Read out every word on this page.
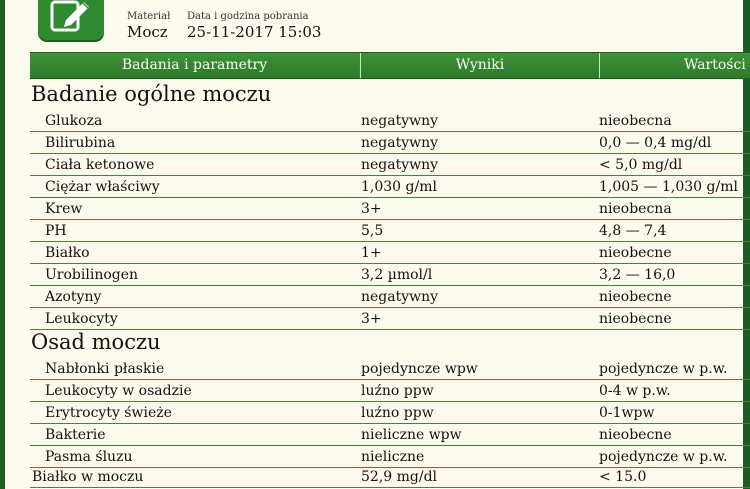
Materiał
Mocz
Data i godzina pobrania
25-11-2017 15:03
Badania i parametry	Wyniki	Wartości
Badanie ogólne moczu
Glukoza	negatywny	nieobecna
Bilirubina	negatywny	0,0 — 0,4 mg/dl
Ciała ketonowe	negatywny	< 5,0 mg/dl
Ciężar właściwy	1,030 g/ml	1,005 — 1,030 g/ml
Krew	3+	nieobecna
PH	5,5	4,8 — 7,4
Białko	1+	nieobecne
Urobilinogen	3,2 µmol/l	3,2 — 16,0
Azotyny	negatywny	nieobecne
Leukocyty	3+	nieobecne
Osad moczu
Nabłonki płaskie	pojedyncze wpw	pojedyncze w p.w.
Leukocyty w osadzie	luźno ppw	0-4 w p.w.
Erytrocyty świeże	luźno ppw	0-1wpw
Bakterie	nieliczne wpw	nieobecne
Pasma śluzu	nieliczne	pojedyncze w p.w.
Białko w moczu	52,9 mg/dl	< 15.0
